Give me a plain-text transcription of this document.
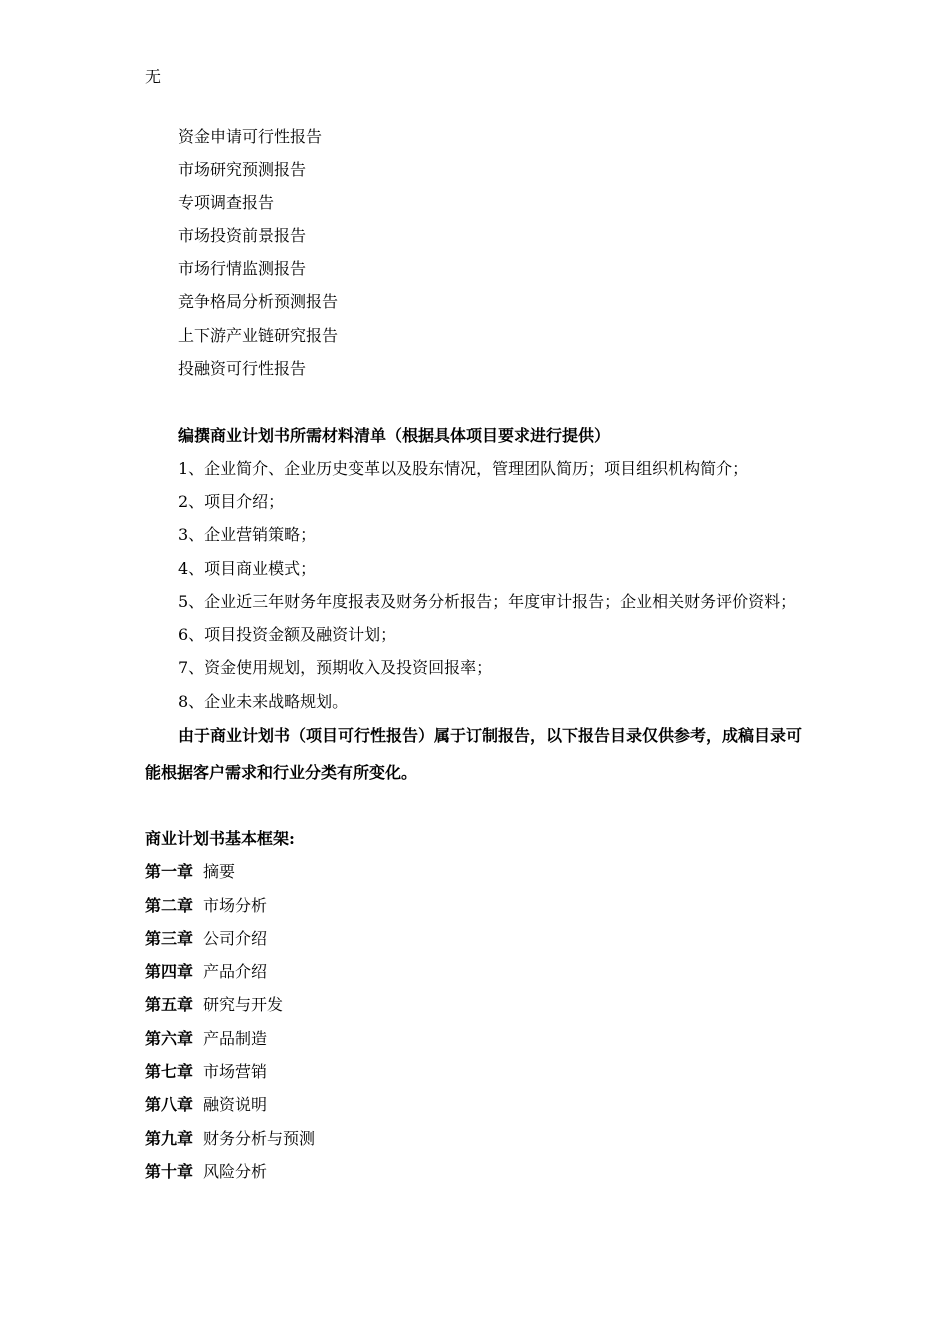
无
资金申请可行性报告
市场研究预测报告
专项调查报告
市场投资前景报告
市场行情监测报告
竞争格局分析预测报告
上下游产业链研究报告
投融资可行性报告
编撰商业计划书所需材料清单（根据具体项目要求进行提供）
1、企业简介、企业历史变革以及股东情况，管理团队简历；项目组织机构简介；
2、项目介绍；
3、企业营销策略；
4、项目商业模式；
5、企业近三年财务年度报表及财务分析报告；年度审计报告；企业相关财务评价资料；
6、项目投资金额及融资计划；
7、资金使用规划，预期收入及投资回报率；
8、企业未来战略规划。
由于商业计划书（项目可行性报告）属于订制报告，以下报告目录仅供参考，成稿目录可
能根据客户需求和行业分类有所变化。
商业计划书基本框架:
第一章 摘要
第二章 市场分析
第三章 公司介绍
第四章 产品介绍
第五章 研究与开发
第六章 产品制造
第七章 市场营销
第八章 融资说明
第九章 财务分析与预测
第十章 风险分析
